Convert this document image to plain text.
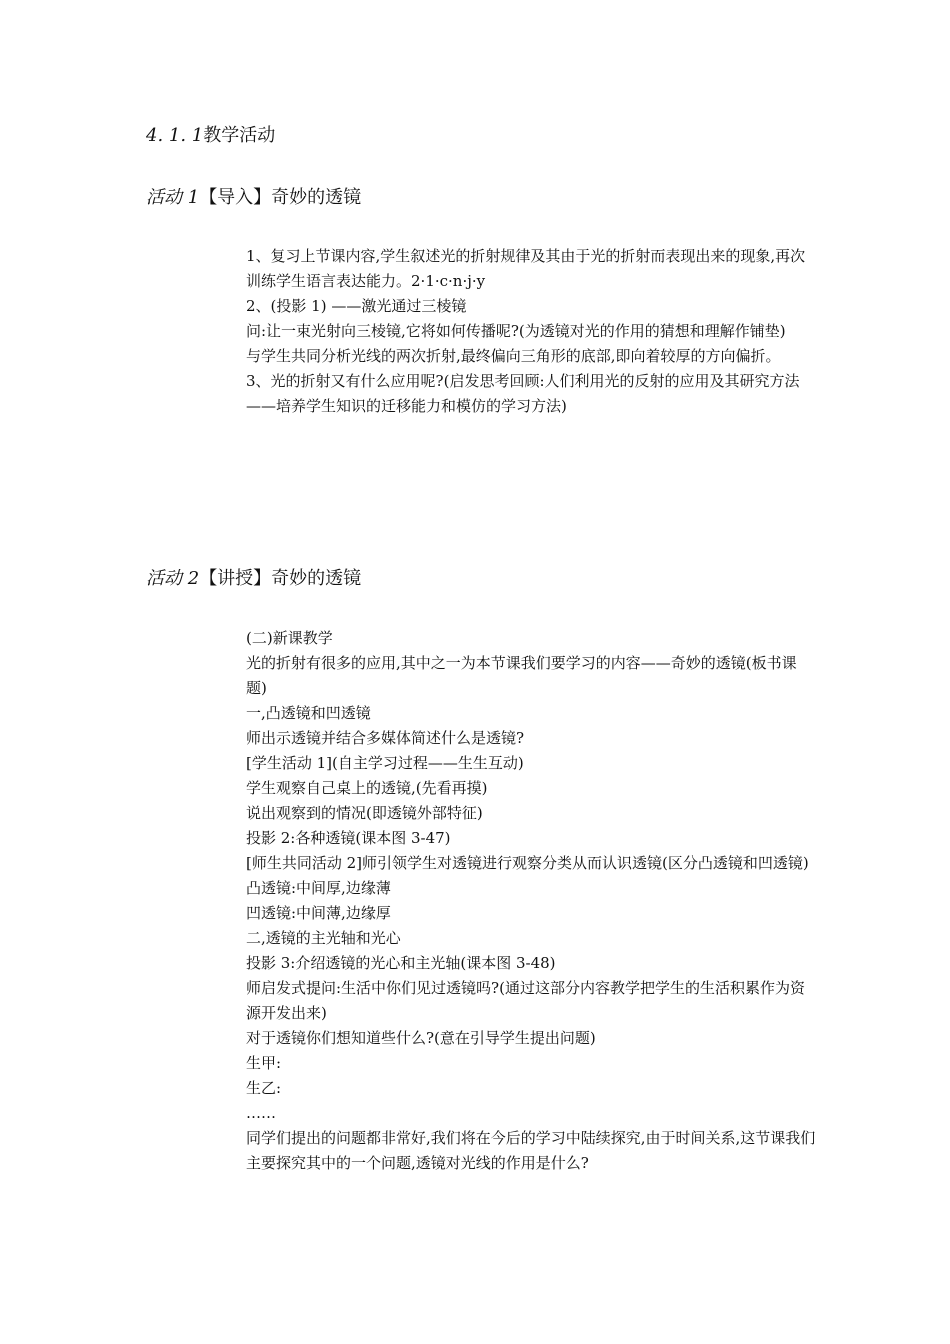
4. 1. 1教学活动
活动 1【导入】奇妙的透镜

1、复习上节课内容,学生叙述光的折射规律及其由于光的折射而表现出来的现象,再次训练学生语言表达能力。2·1·c·n·j·y

2、(投影 1) ——激光通过三棱镜

问:让一束光射向三棱镜,它将如何传播呢?(为透镜对光的作用的猜想和理解作铺垫)

与学生共同分析光线的两次折射,最终偏向三角形的底部,即向着较厚的方向偏折。

3、光的折射又有什么应用呢?(启发思考回顾:人们利用光的反射的应用及其研究方法——培养学生知识的迁移能力和模仿的学习方法)

活动 2【讲授】奇妙的透镜

(二)新课教学

光的折射有很多的应用,其中之一为本节课我们要学习的内容——奇妙的透镜(板书课题)

一,凸透镜和凹透镜

师出示透镜并结合多媒体简述什么是透镜?

[学生活动 1](自主学习过程——生生互动)

学生观察自己桌上的透镜,(先看再摸)

说出观察到的情况(即透镜外部特征)

投影 2:各种透镜(课本图 3-47)

[师生共同活动 2]师引领学生对透镜进行观察分类从而认识透镜(区分凸透镜和凹透镜)

凸透镜:中间厚,边缘薄

凹透镜:中间薄,边缘厚

二,透镜的主光轴和光心

投影 3:介绍透镜的光心和主光轴(课本图 3-48)

师启发式提问:生活中你们见过透镜吗?(通过这部分内容教学把学生的生活积累作为资源开发出来)

对于透镜你们想知道些什么?(意在引导学生提出问题)

生甲:

生乙:

……

同学们提出的问题都非常好,我们将在今后的学习中陆续探究,由于时间关系,这节课我们主要探究其中的一个问题,透镜对光线的作用是什么?
